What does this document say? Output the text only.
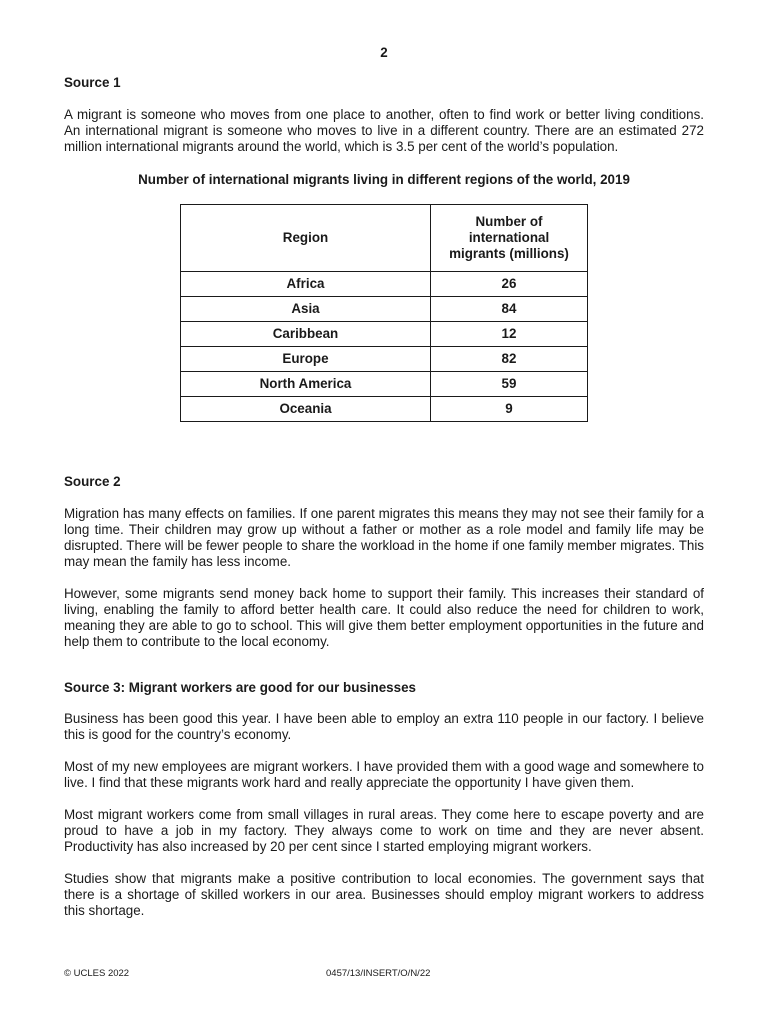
2
Source 1

A migrant is someone who moves from one place to another, often to find work or better living conditions. An international migrant is someone who moves to live in a different country. There are an estimated 272 million international migrants around the world, which is 3.5 per cent of the world’s population.

Number of international migrants living in different regions of the world, 2019
Region	Number of international migrants (millions)
Africa	26
Asia	84
Caribbean	12
Europe	82
North America	59
Oceania	9
Source 2

Migration has many effects on families. If one parent migrates this means they may not see their family for a long time. Their children may grow up without a father or mother as a role model and family life may be disrupted. There will be fewer people to share the workload in the home if one family member migrates. This may mean the family has less income.

However, some migrants send money back home to support their family. This increases their standard of living, enabling the family to afford better health care. It could also reduce the need for children to work, meaning they are able to go to school. This will give them better employment opportunities in the future and help them to contribute to the local economy.

Source 3: Migrant workers are good for our businesses

Business has been good this year. I have been able to employ an extra 110 people in our factory. I believe this is good for the country’s economy.

Most of my new employees are migrant workers. I have provided them with a good wage and somewhere to live. I find that these migrants work hard and really appreciate the opportunity I have given them.

Most migrant workers come from small villages in rural areas. They come here to escape poverty and are proud to have a job in my factory. They always come to work on time and they are never absent. Productivity has also increased by 20 per cent since I started employing migrant workers.

Studies show that migrants make a positive contribution to local economies. The government says that there is a shortage of skilled workers in our area. Businesses should employ migrant workers to address this shortage.

© UCLES 2022	0457/13/INSERT/O/N/22
